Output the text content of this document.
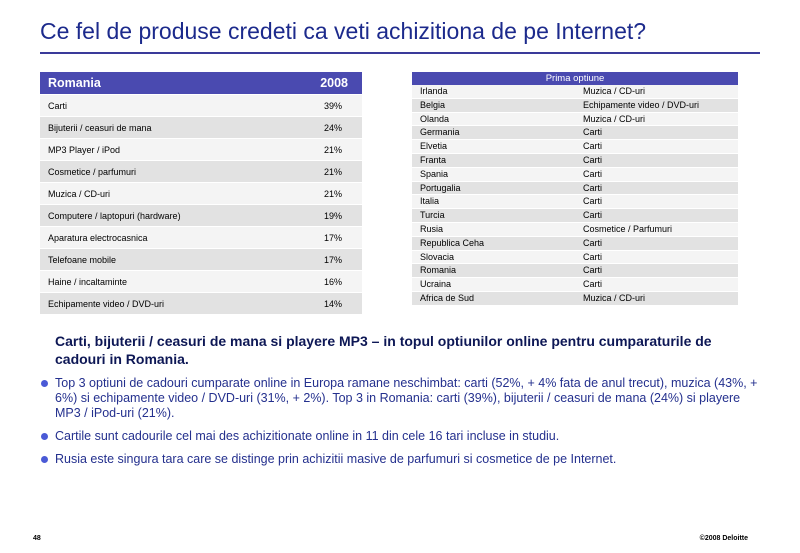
Ce fel de produse credeti ca veti achizitiona de pe Internet?
Romania	2008
Carti	39%
Bijuterii / ceasuri de mana	24%
MP3 Player / iPod	21%
Cosmetice / parfumuri	21%
Muzica / CD-uri	21%
Computere / laptopuri (hardware)	19%
Aparatura electrocasnica	17%
Telefoane mobile	17%
Haine / incaltaminte	16%
Echipamente video / DVD-uri	14%
Prima optiune	
Irlanda	Muzica / CD-uri
Belgia	Echipamente video / DVD-uri
Olanda	Muzica / CD-uri
Germania	Carti
Elvetia	Carti
Franta	Carti
Spania	Carti
Portugalia	Carti
Italia	Carti
Turcia	Carti
Rusia	Cosmetice / Parfumuri
Republica Ceha	Carti
Slovacia	Carti
Romania	Carti
Ucraina	Carti
Africa de Sud	Muzica / CD-uri
Carti, bijuterii / ceasuri de mana si playere MP3 – in topul optiunilor online pentru cumparaturile de cadouri in Romania.
Top 3 optiuni de cadouri cumparate online in Europa ramane neschimbat: carti (52%, + 4% fata de anul trecut), muzica (43%, + 6%) si echipamente video / DVD-uri (31%, + 2%). Top 3 in Romania: carti (39%), bijuterii / ceasuri de mana (24%) si playere MP3 / iPod-uri (21%).
Cartile sunt cadourile cel mai des achizitionate online in 11 din cele 16 tari incluse in studiu.
Rusia este singura tara care se distinge prin achizitii masive de parfumuri si cosmetice de pe Internet.
48	©2008 Deloitte
